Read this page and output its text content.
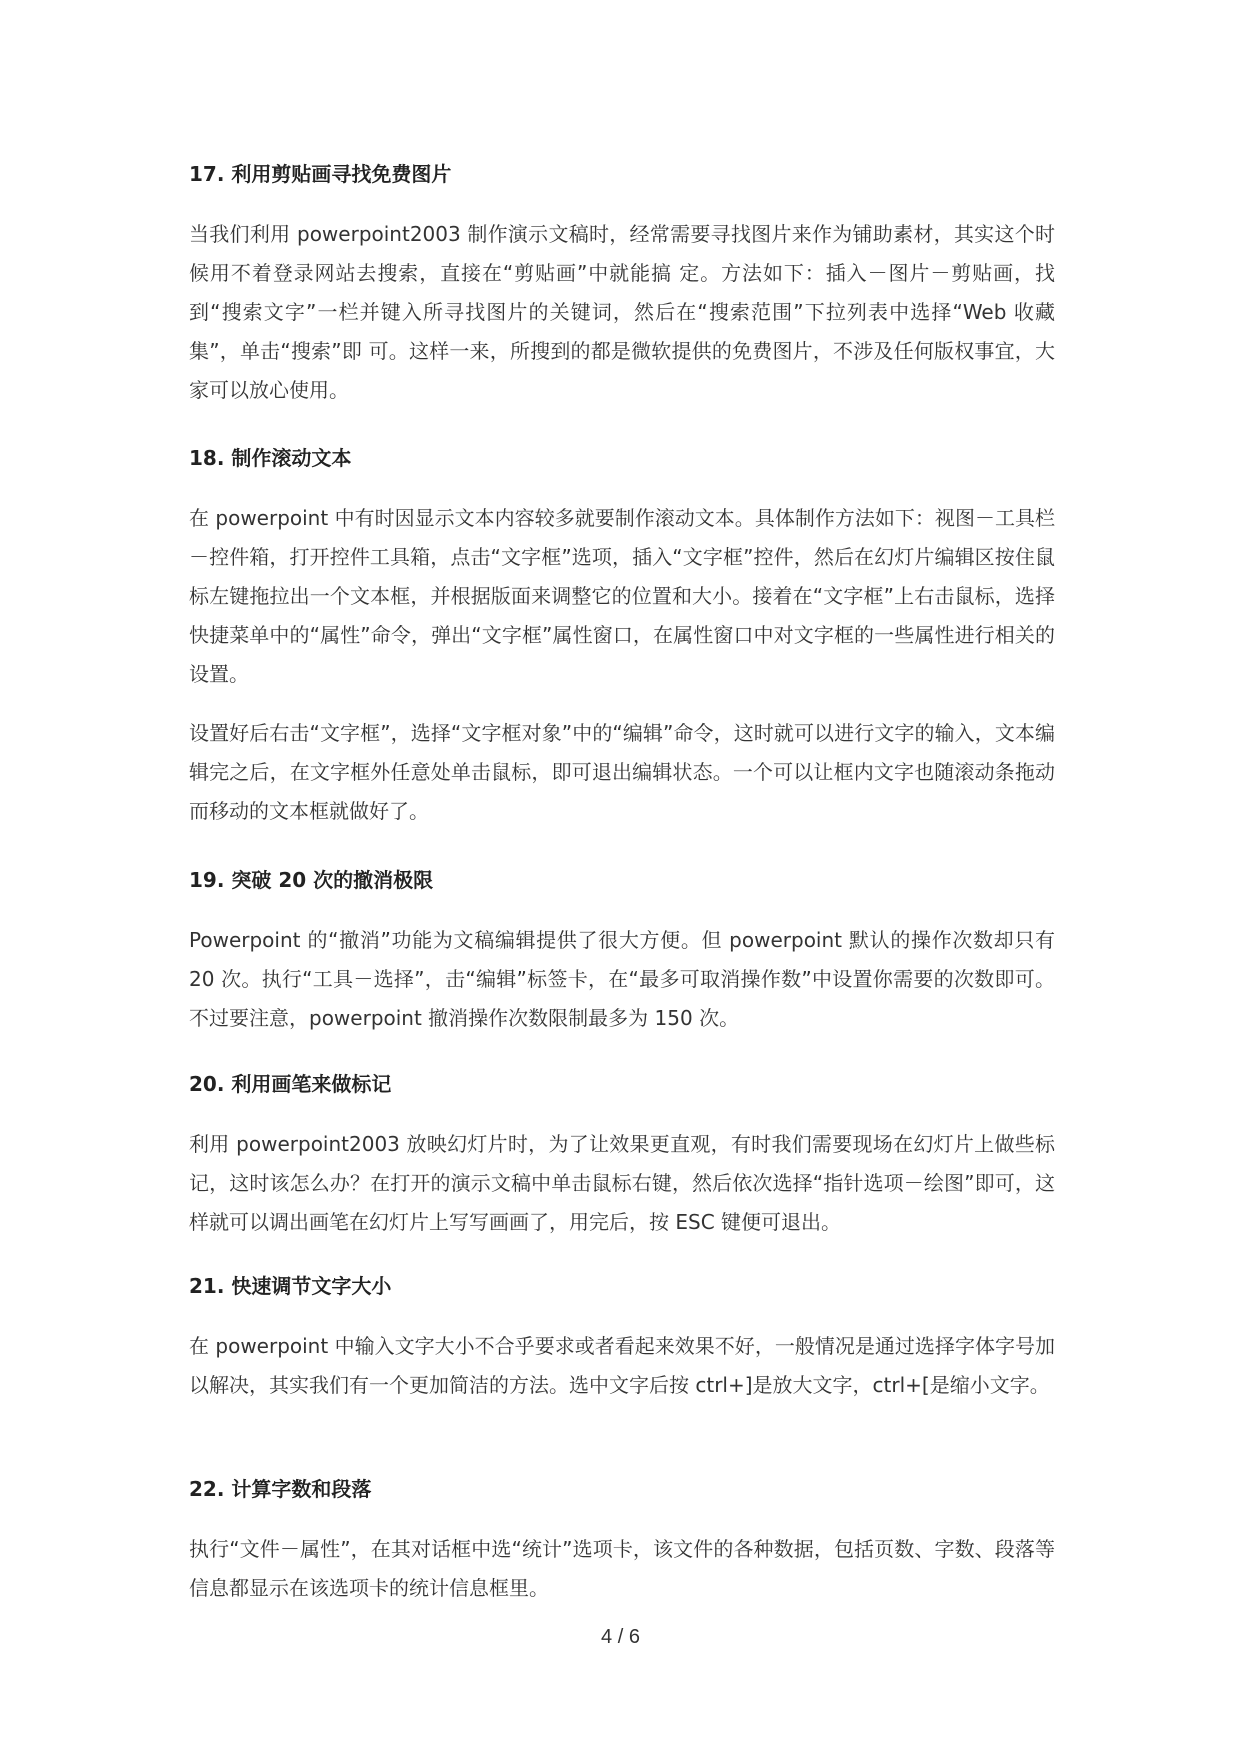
17. 利用剪贴画寻找免费图片

当我们利用 powerpoint2003 制作演示文稿时，经常需要寻找图片来作为铺助素材，其实这个时候用不着登录网站去搜索，直接在“剪贴画”中就能搞 定。方法如下：插入－图片－剪贴画，找到“搜索文字”一栏并键入所寻找图片的关键词，然后在“搜索范围”下拉列表中选择“Web 收藏集”，单击“搜索”即 可。这样一来，所搜到的都是微软提供的免费图片，不涉及任何版权事宜，大家可以放心使用。

18. 制作滚动文本

在 powerpoint 中有时因显示文本内容较多就要制作滚动文本。具体制作方法如下：视图－工具栏－控件箱，打开控件工具箱，点击“文字框”选项，插入“文字框”控件，然后在幻灯片编辑区按住鼠标左键拖拉出一个文本框，并根据版面来调整它的位置和大小。接着在“文字框”上右击鼠标，选择快捷菜单中的“属性”命令，弹出“文字框”属性窗口，在属性窗口中对文字框的一些属性进行相关的设置。

设置好后右击“文字框”，选择“文字框对象”中的“编辑”命令，这时就可以进行文字的输入，文本编辑完之后，在文字框外任意处单击鼠标，即可退出编辑状态。一个可以让框内文字也随滚动条拖动而移动的文本框就做好了。

19. 突破 20 次的撤消极限

Powerpoint 的“撤消”功能为文稿编辑提供了很大方便。但 powerpoint 默认的操作次数却只有 20 次。执行“工具－选择”，击“编辑”标签卡，在“最多可取消操作数”中设置你需要的次数即可。不过要注意，powerpoint 撤消操作次数限制最多为 150 次。

20. 利用画笔来做标记

利用 powerpoint2003 放映幻灯片时，为了让效果更直观，有时我们需要现场在幻灯片上做些标记，这时该怎么办？在打开的演示文稿中单击鼠标右键，然后依次选择“指针选项－绘图”即可，这样就可以调出画笔在幻灯片上写写画画了，用完后，按 ESC 键便可退出。

21. 快速调节文字大小

在 powerpoint 中输入文字大小不合乎要求或者看起来效果不好，一般情况是通过选择字体字号加以解决，其实我们有一个更加简洁的方法。选中文字后按 ctrl+]是放大文字，ctrl+[是缩小文字。

22. 计算字数和段落

执行“文件－属性”，在其对话框中选“统计”选项卡，该文件的各种数据，包括页数、字数、段落等信息都显示在该选项卡的统计信息框里。

4 / 6
